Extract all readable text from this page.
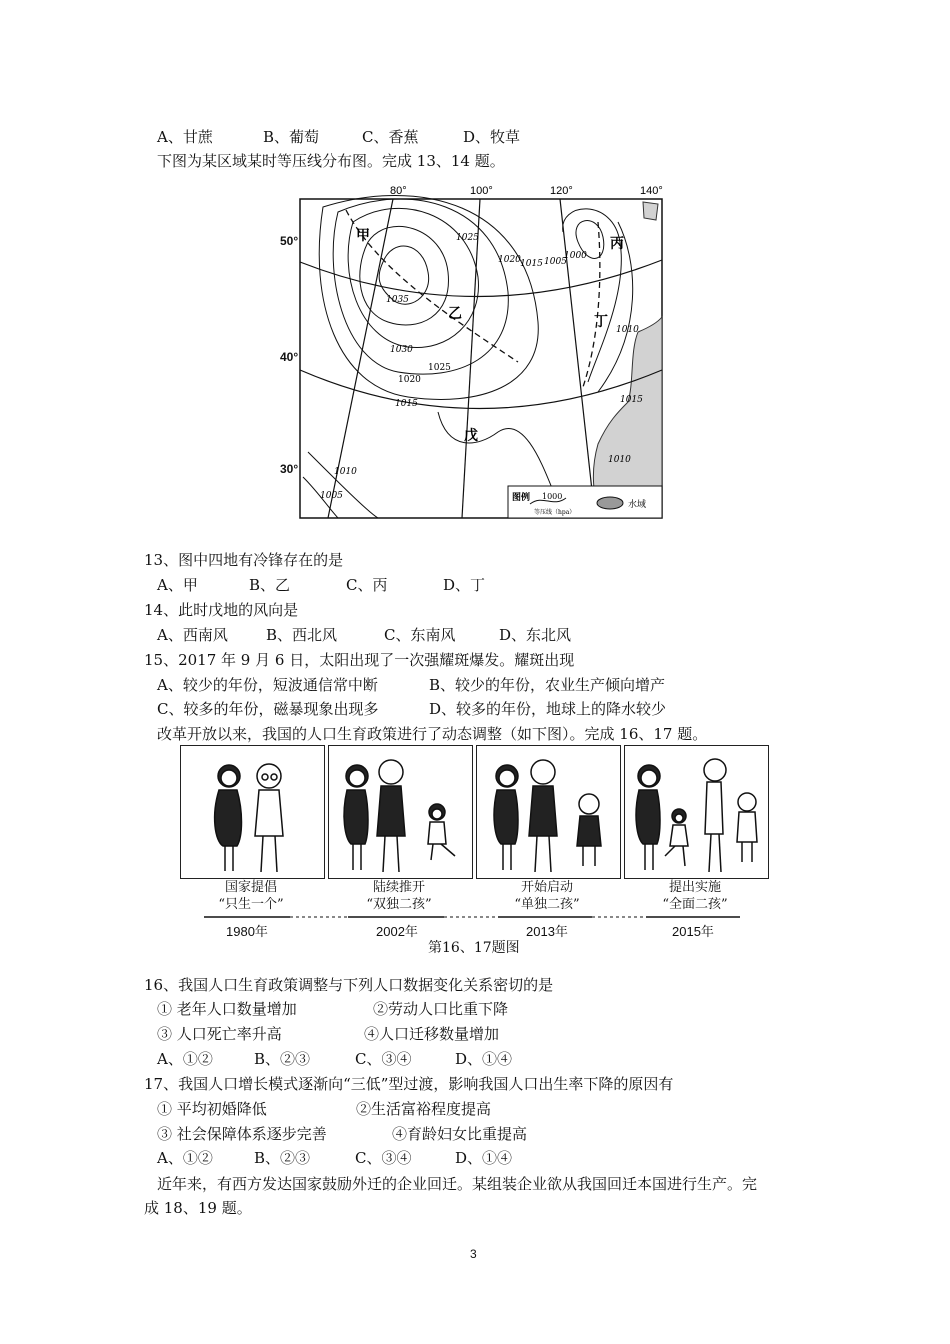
A、甘蔗	B、葡萄	C、香蕉	D、牧草
下图为某区域某时等压线分布图。完成 13、14 题。
80°	100°	120°	140°
甲
乙
丙
丁
戊
1035
1030
1025
1020
1015
1010
1005
1025
1020 1015 1005
1000
1010
1015
1010
图例 1000
等压线（hpa）
水域
50°
40°
30°
13、图中四地有冷锋存在的是
A、甲	B、乙	C、丙	D、丁
14、此时戊地的风向是
A、西南风	B、西北风	C、东南风	D、东北风
15、2017 年 9 月 6 日，太阳出现了一次强耀斑爆发。耀斑出现
A、较少的年份，短波通信常中断	B、较少的年份，农业生产倾向增产
C、较多的年份，磁暴现象出现多	D、较多的年份，地球上的降水较少
改革开放以来，我国的人口生育政策进行了动态调整（如下图）。完成 16、17 题。
国家提倡
“只生一个”
陆续推开
“双独二孩”
开始启动
“单独二孩”
提出实施
“全面二孩”
1980年	2002年	2013年	2015年
第16、17题图
16、我国人口生育政策调整与下列人口数据变化关系密切的是
① 老年人口数量增加	②劳动人口比重下降
③ 人口死亡率升高	④人口迁移数量增加
A、①②	B、②③	C、③④	D、①④
17、我国人口增长模式逐渐向“三低”型过渡，影响我国人口出生率下降的原因有
① 平均初婚降低	②生活富裕程度提高
③ 社会保障体系逐步完善	④育龄妇女比重提高
A、①②	B、②③	C、③④	D、①④
近年来，有西方发达国家鼓励外迁的企业回迁。某组装企业欲从我国回迁本国进行生产。完
成 18、19 题。
3
